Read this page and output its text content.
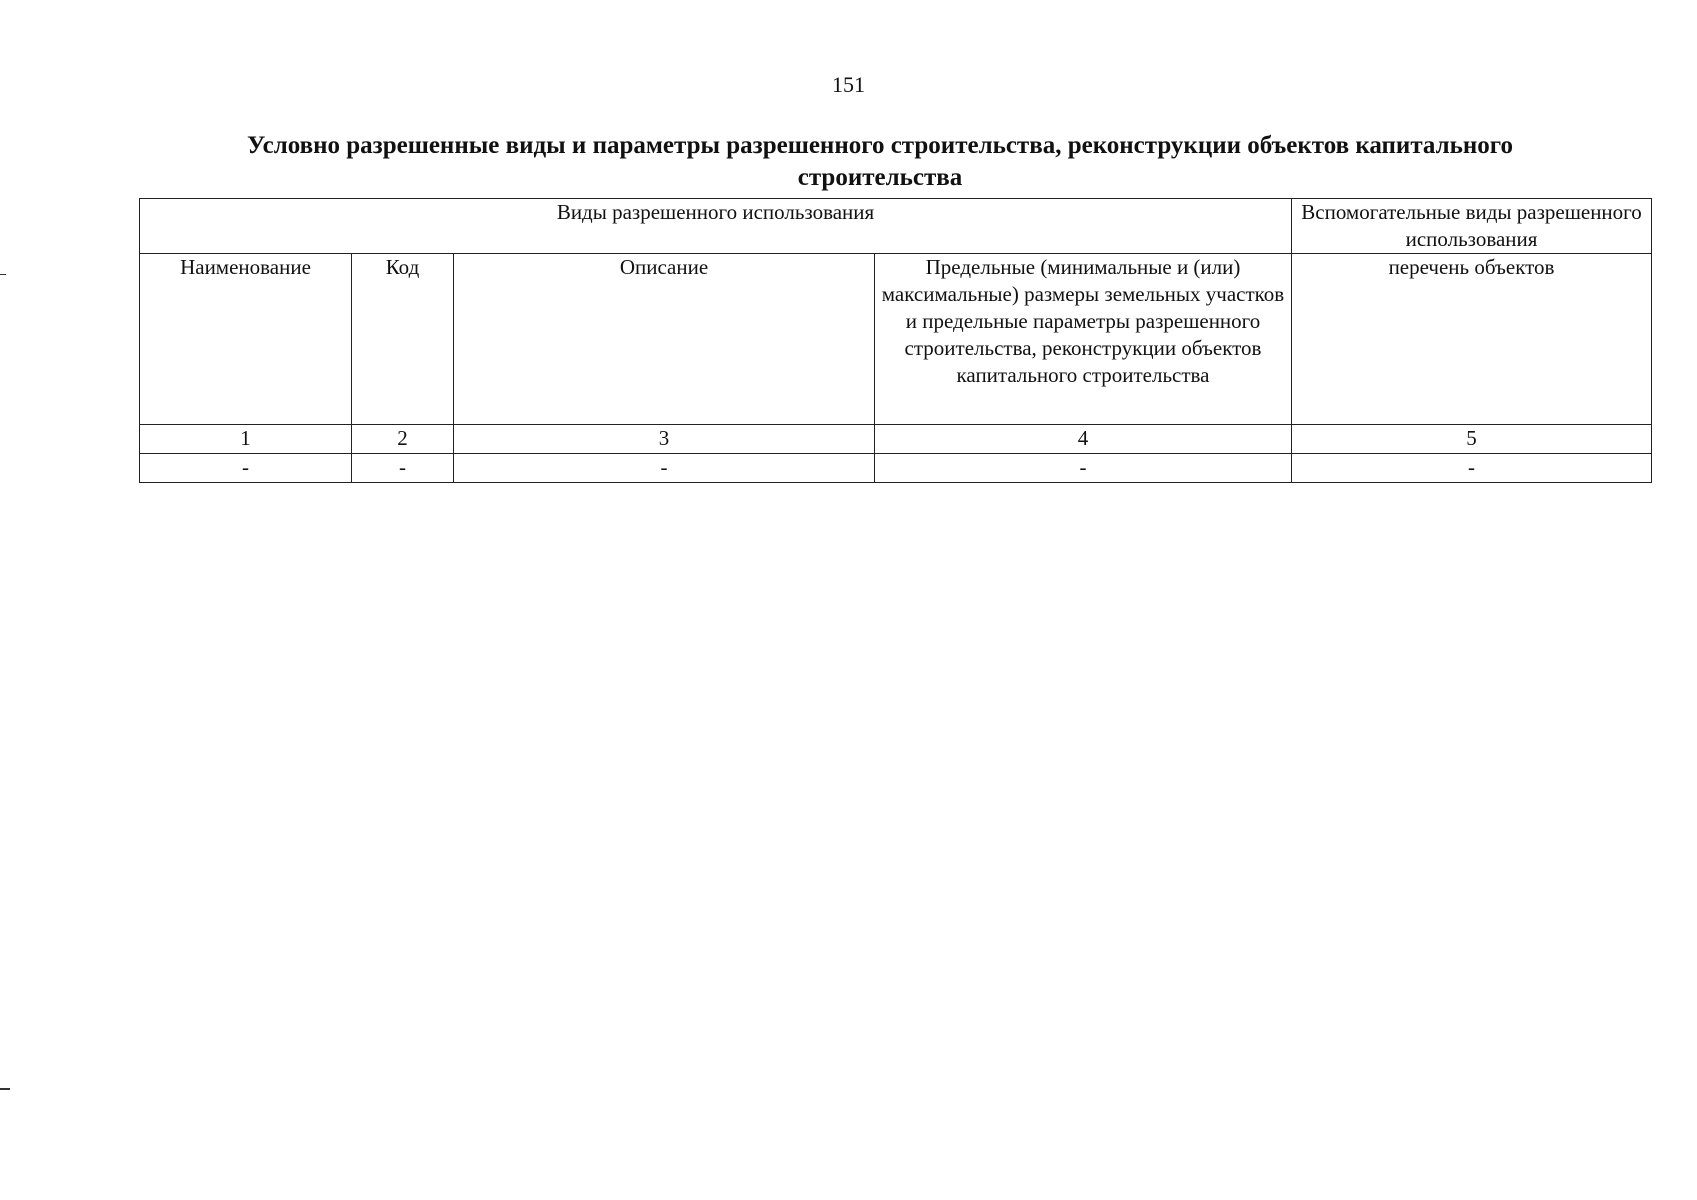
151
Условно разрешенные виды и параметры разрешенного строительства, реконструкции объектов капитального
строительства
Виды разрешенного использования				Вспомогательные виды разрешенного использования
Наименование	Код	Описание	Предельные (минимальные и (или) максимальные) размеры земельных участков и предельные параметры разрешенного строительства, реконструкции объектов капитального строительства	перечень объектов
1	2	3	4	5
-	-	-	-	-
